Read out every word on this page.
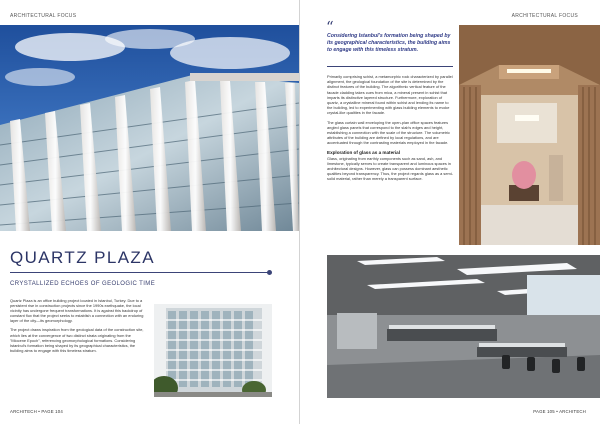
ARCHITECTURAL FOCUS
QUARTZ PLAZA
CRYSTALLIZED ECHOES OF GEOLOGIC TIME

Quartz Plaza is an office building project located in Istanbul, Turkey. Due to a persistent rise in construction projects since the 1990s earthquake, the local vicinity has undergone frequent transformations. It is against this backdrop of constant flux that the project seeks to establish a connection with an enduring layer of the city—its geomorphology.

The project draws inspiration from the geological data of the construction site, which lies at the convergence of two distinct strata originating from the "Miocene Epoch", referencing geomorphological formations. Considering Istanbul's formation being shaped by its geographical characteristics, the building aims to engage with this timeless stratum.

ARCHITECH • PAGE 104
ARCHITECTURAL FOCUS
“
Considering Istanbul's formation being shaped by its geographical characteristics, the building aims to engage with this timeless stratum.

Primarily comprising schist, a metamorphic rock characterized by parallel alignment, the geological foundation of the site is determined by the distinct features of the building. The algorithmic vertical feature of the facade cladding takes cues from mica, a mineral present in schist that imparts its distinctive layered structure. Furthermore, exploration of quartz, a crystalline mineral found within schist and lending its name to the building, led to experimenting with glass building elements to evoke crystal-like qualities in the facade.

The glass curtain wall enveloping the open-plan office spaces features angled glass panels that correspond to the slab's edges and height, establishing a connection with the scale of the structure. The volumetric attributes of the building are defined by local regulations, and are accentuated through the contrasting materials employed in the facade.

Exploration of glass as a material

Glass, originating from earthly components such as sand, ash, and limestone, typically serves to create transparent and luminous spaces in architectural designs. However, glass can possess dominant aesthetic qualities beyond transparency. Thus, the project regards glass as a semi-solid material, rather than merely a transparent surface.

PAGE 105 • ARCHITECH
